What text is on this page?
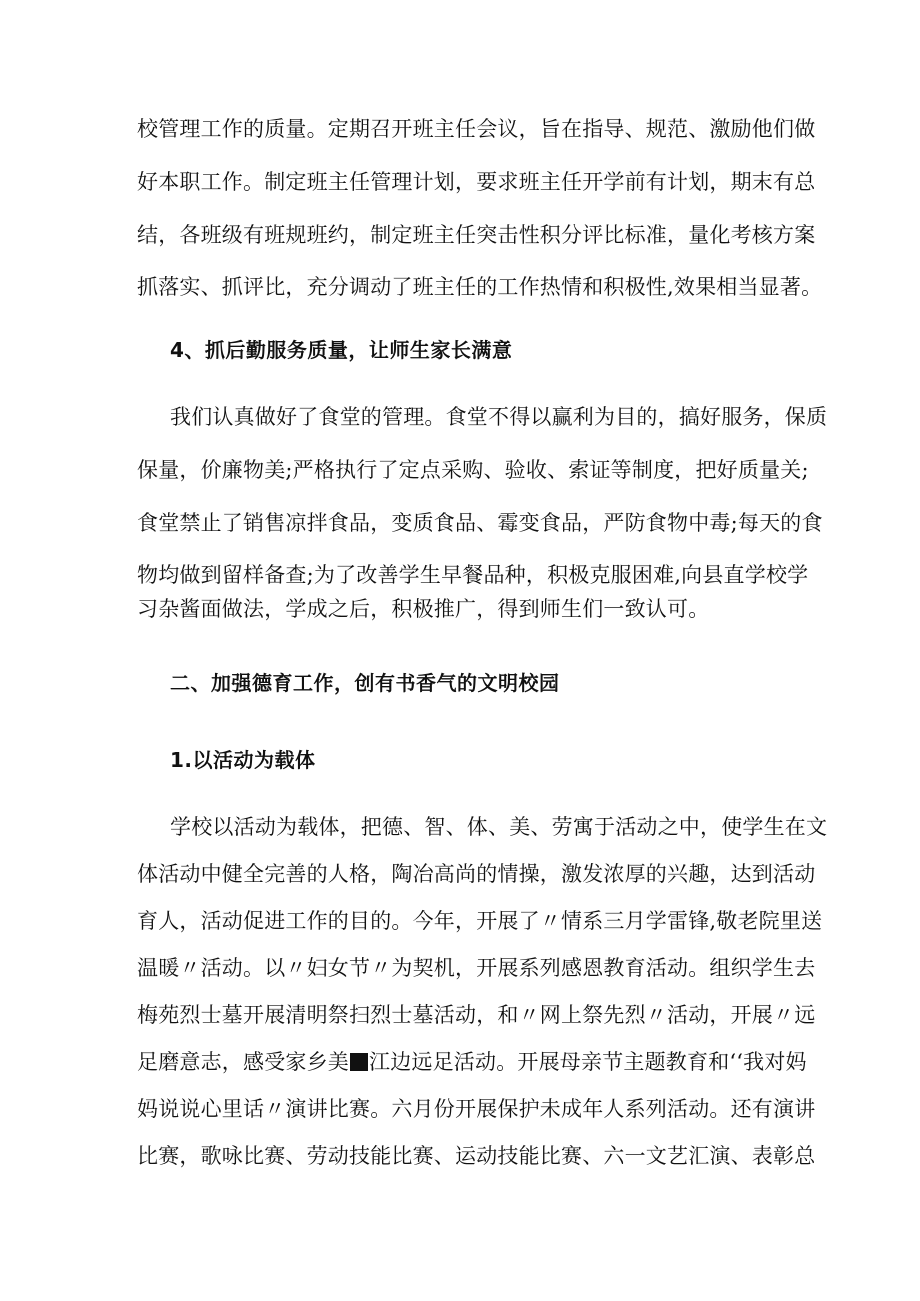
校管理工作的质量。定期召开班主任会议，旨在指导、规范、激励他们做
好本职工作。制定班主任管理计划，要求班主任开学前有计划，期末有总
结，各班级有班规班约，制定班主任突击性积分评比标准，量化考核方案
抓落实、抓评比，充分调动了班主任的工作热情和积极性,效果相当显著。
4、抓后勤服务质量，让师生家长满意
我们认真做好了食堂的管理。食堂不得以赢利为目的，搞好服务，保质
保量，价廉物美;严格执行了定点采购、验收、索证等制度，把好质量关;
食堂禁止了销售凉拌食品，变质食品、霉变食品，严防食物中毒;每天的食
物均做到留样备查;为了改善学生早餐品种，积极克服困难,向县直学校学
习杂酱面做法，学成之后，积极推广，得到师生们一致认可。
二、加强德育工作，创有书香气的文明校园
1.以活动为载体
学校以活动为载体，把德、智、体、美、劳寓于活动之中，使学生在文
体活动中健全完善的人格，陶冶高尚的情操，激发浓厚的兴趣，达到活动
育人，活动促进工作的目的。今年，开展了〃情系三月学雷锋,敬老院里送
温暖〃活动。以〃妇女节〃为契机，开展系列感恩教育活动。组织学生去
梅苑烈士墓开展清明祭扫烈士墓活动，和〃网上祭先烈〃活动，开展〃远
足磨意志，感受家乡美 江边远足活动。开展母亲节主题教育和‘‘我对妈
妈说说心里话〃演讲比赛。六月份开展保护未成年人系列活动。还有演讲
比赛，歌咏比赛、劳动技能比赛、运动技能比赛、六一文艺汇演、表彰总
